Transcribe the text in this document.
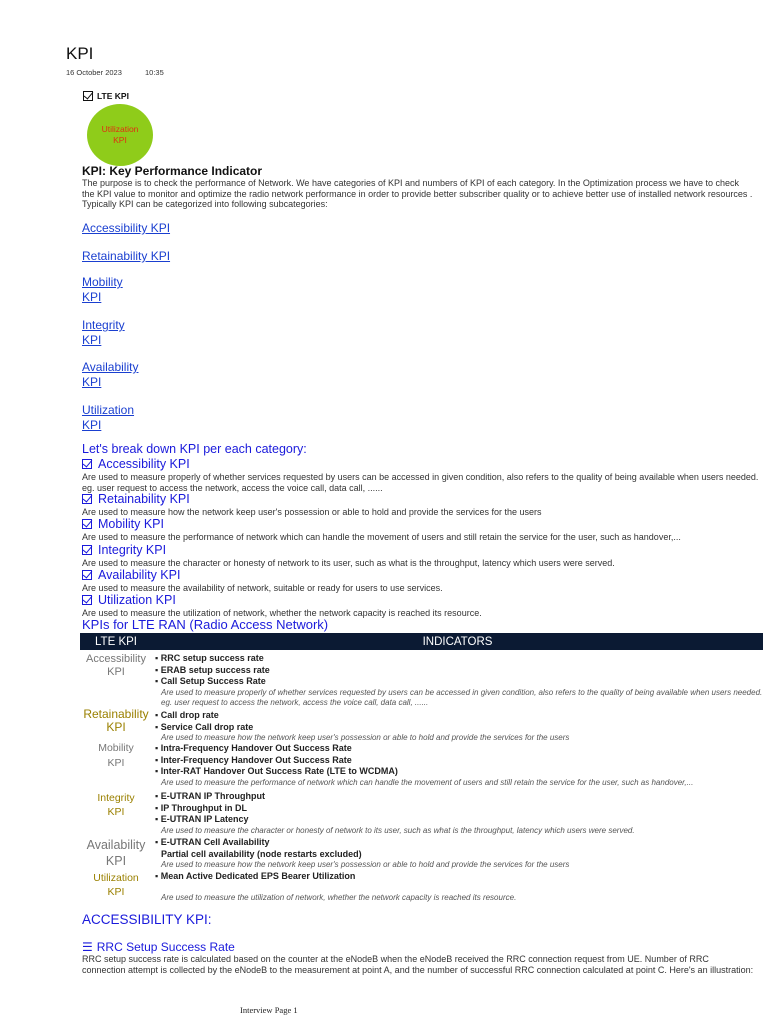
KPI
16 October 2023	10:35
LTE KPI
Utilization
KPI
KPI: Key Performance Indicator
The purpose is to check the performance of Network. We have categories of KPI and numbers of KPI of each category. In the Optimization process we have to check the KPI value to monitor and optimize the radio network performance in order to provide better subscriber quality or to achieve better use of installed network resources . Typically KPI can be categorized into following subcategories:
Accessibility KPI
Retainability KPI
Mobility
KPI
Integrity
KPI
Availability
KPI
Utilization
KPI
Let's break down KPI per each category:
Accessibility KPI
Are used to measure properly of whether services requested by users can be accessed in given condition, also refers to the quality of being available when users needed. eg. user request to access the network, access the voice call, data call, ......
Retainability KPI
Are used to measure how the network keep user's possession or able to hold and provide the services for the users
Mobility KPI
Are used to measure the performance of network which can handle the movement of users and still retain the service for the user, such as handover,...
Integrity KPI
Are used to measure the character or honesty of network to its user, such as what is the throughput, latency which users were served.
Availability KPI
Are used to measure the availability of network, suitable or ready for users to use services.
Utilization KPI
Are used to measure the utilization of network, whether the network capacity is reached its resource.
KPIs for LTE RAN (Radio Access Network)
LTE KPI	INDICATORS
Accessibility
KPI
▪ RRC setup success rate
▪ ERAB setup success rate
▪ Call Setup Success Rate
Are used to measure properly of whether services requested by users can be accessed in given condition, also refers to the quality of being available when users needed. eg. user request to access the network, access the voice call, data call, ......
Retainability
KPI
▪ Call drop rate
▪ Service Call drop rate
Are used to measure how the network keep user's possession or able to hold and provide the services for the users
Mobility
KPI
▪ Intra-Frequency Handover Out Success Rate
▪ Inter-Frequency Handover Out Success Rate
▪ Inter-RAT Handover Out Success Rate (LTE to WCDMA)
Are used to measure the performance of network which can handle the movement of users and still retain the service for the user, such as handover,...
Integrity
KPI
▪ E-UTRAN IP Throughput
▪ IP Throughput in DL
▪ E-UTRAN IP Latency
Are used to measure the character or honesty of network to its user, such as what is the throughput, latency which users were served.
Availability
KPI
▪ E-UTRAN Cell Availability
Partial cell availability (node restarts excluded)
Are used to measure how the network keep user's possession or able to hold and provide the services for the users
Utilization
KPI
▪ Mean Active Dedicated EPS Bearer Utilization
Are used to measure the utilization of network, whether the network capacity is reached its resource.
ACCESSIBILITY KPI:
☰ RRC Setup Success Rate
RRC setup success rate is calculated based on the counter at the eNodeB when the eNodeB received the RRC connection request from UE. Number of RRC connection attempt is collected by the eNodeB to the measurement at point A, and the number of successful RRC connection calculated at point C. Here's an illustration:
Interview Page 1
